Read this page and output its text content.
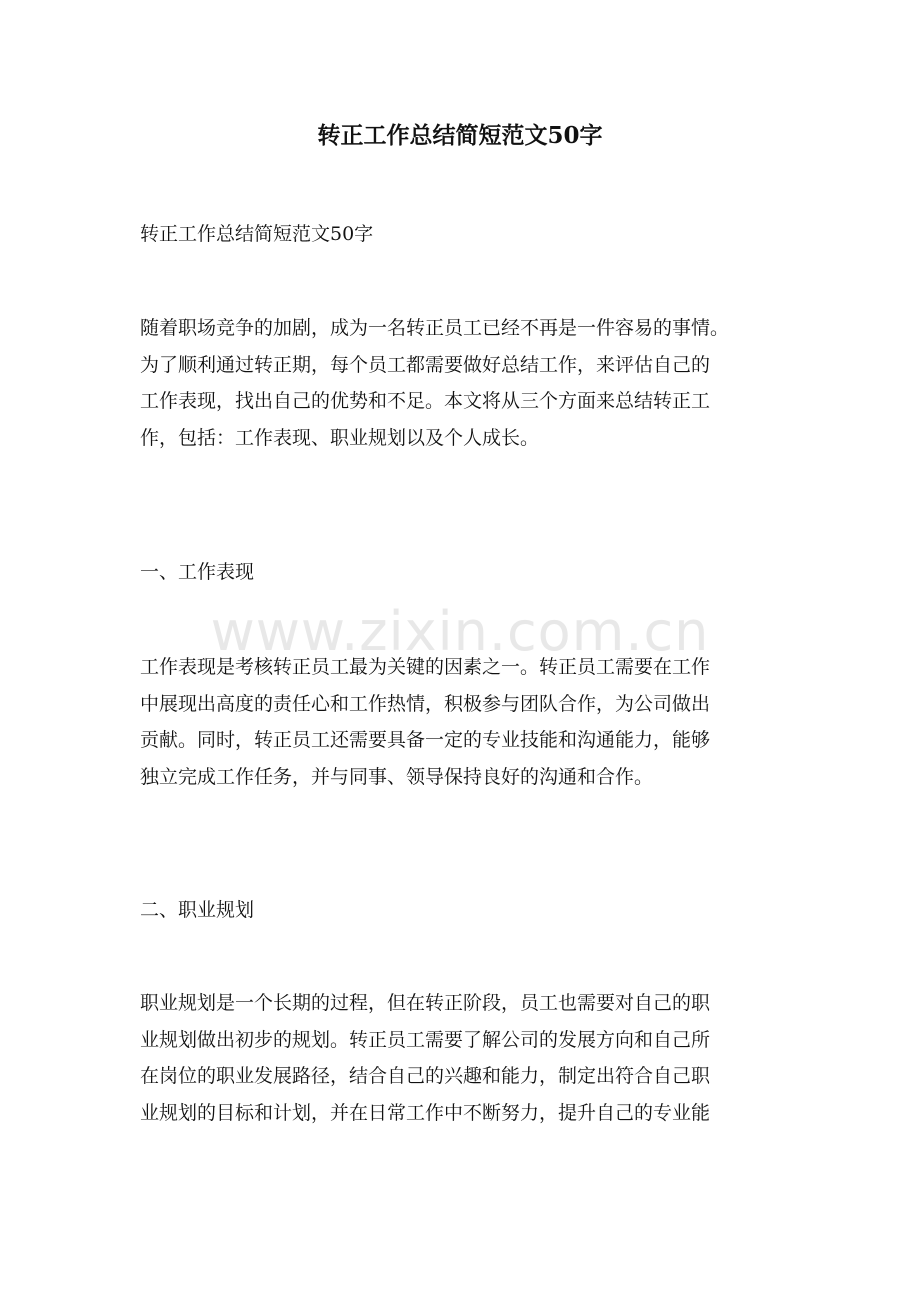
转正工作总结简短范文50字

转正工作总结简短范文50字

随着职场竞争的加剧，成为一名转正员工已经不再是一件容易的事情。
为了顺利通过转正期，每个员工都需要做好总结工作，来评估自己的
工作表现，找出自己的优势和不足。本文将从三个方面来总结转正工
作，包括：工作表现、职业规划以及个人成长。

一、工作表现

工作表现是考核转正员工最为关键的因素之一。转正员工需要在工作
中展现出高度的责任心和工作热情，积极参与团队合作，为公司做出
贡献。同时，转正员工还需要具备一定的专业技能和沟通能力，能够
独立完成工作任务，并与同事、领导保持良好的沟通和合作。

二、职业规划

职业规划是一个长期的过程，但在转正阶段，员工也需要对自己的职
业规划做出初步的规划。转正员工需要了解公司的发展方向和自己所
在岗位的职业发展路径，结合自己的兴趣和能力，制定出符合自己职
业规划的目标和计划，并在日常工作中不断努力，提升自己的专业能

www.zixin.com.cn
